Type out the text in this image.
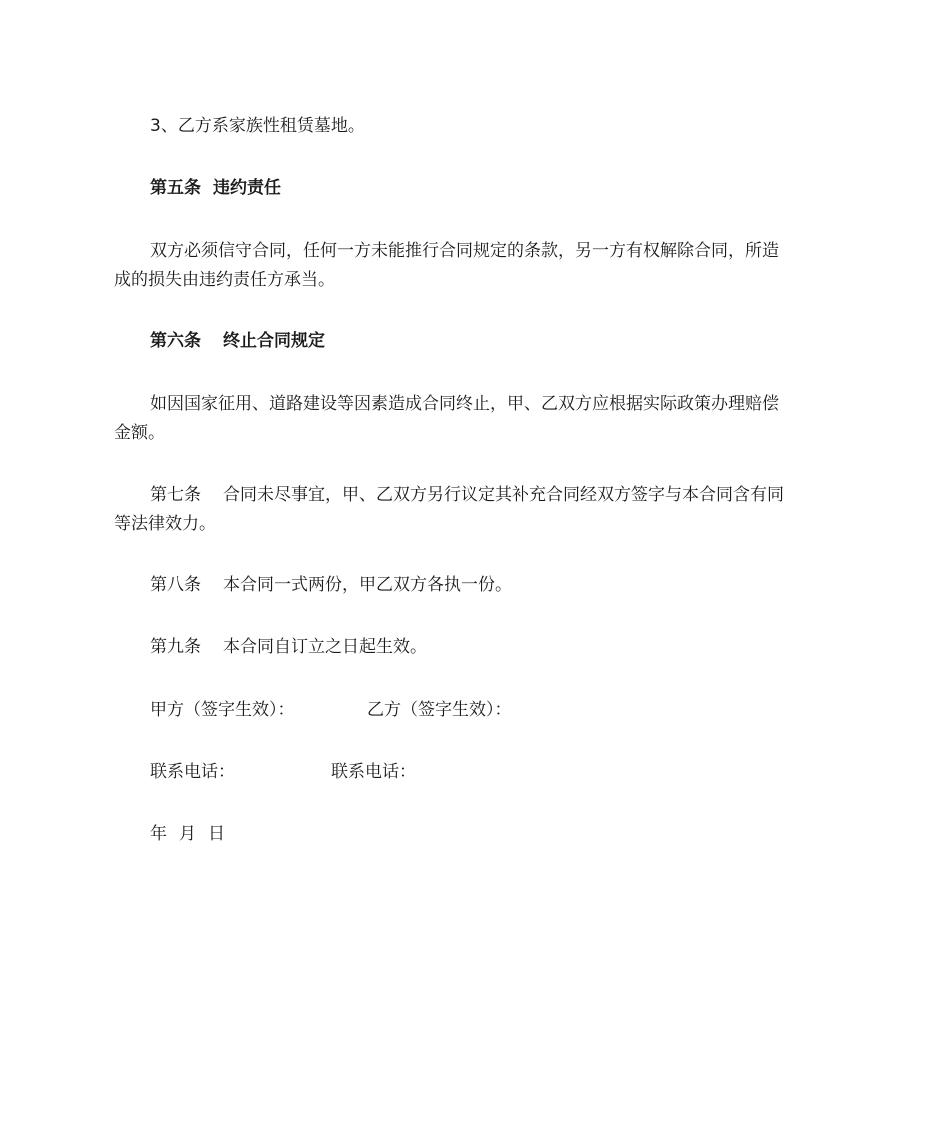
3、乙方系家族性租赁墓地。

第五条 违约责任

双方必须信守合同，任何一方未能推行合同规定的条款，另一方有权解除合同，所造

成的损失由违约责任方承当。

第六条 终止合同规定

如因国家征用、道路建设等因素造成合同终止，甲、乙双方应根据实际政策办理赔偿

金额。

第七条 合同未尽事宜，甲、乙双方另行议定其补充合同经双方签字与本合同含有同

等法律效力。

第八条 本合同一式两份，甲乙双方各执一份。

第九条 本合同自订立之日起生效。

甲方（签字生效）：	乙方（签字生效）：

联系电话：	联系电话：

年 月 日
